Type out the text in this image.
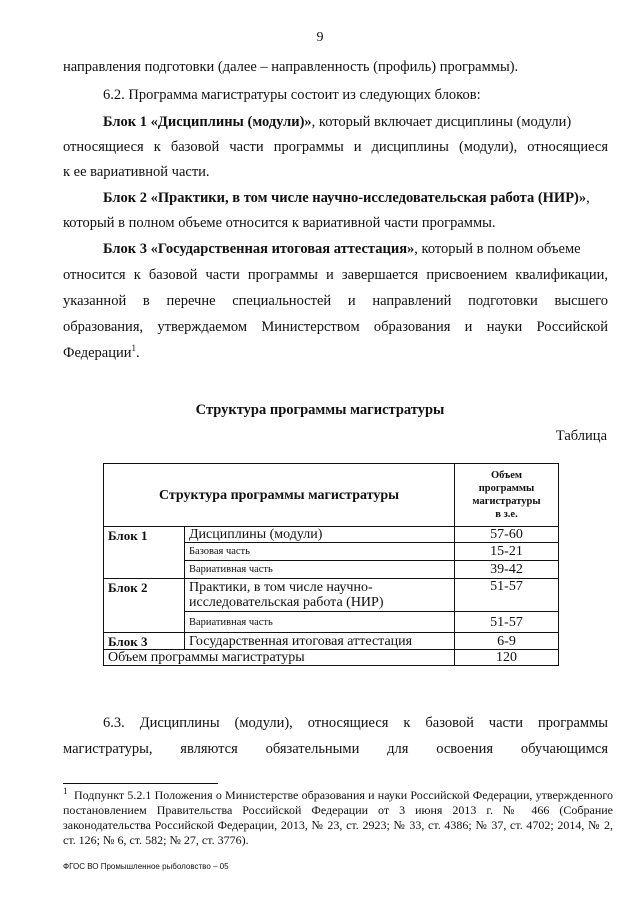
9
направления подготовки (далее – направленность (профиль) программы).
6.2. Программа магистратуры состоит из следующих блоков:
Блок 1 «Дисциплины (модули)», который включает дисциплины (модули)
относящиеся к базовой части программы и дисциплины (модули), относящиеся
к ее вариативной части.
Блок 2 «Практики, в том числе научно-исследовательская работа (НИР)»,
который в полном объеме относится к вариативной части программы.
Блок 3 «Государственная итоговая аттестация», который в полном объеме
относится к базовой части программы и завершается присвоением квалификации,
указанной в перечне специальностей и направлений подготовки высшего
образования, утверждаемом Министерством образования и науки Российской
Федерации$^1$.
Структура программы магистратуры
Таблица
Структура программы магистратуры		Объем
программы
магистратуры
в з.е.

Блок 1	Дисциплины (модули)	57-60
	Базовая часть	15-21
	Вариативная часть	39-42
Блок 2	Практики, в том числе научно-исследовательская работа (НИР)	51-57
	Вариативная часть	51-57
Блок 3	Государственная итоговая аттестация	6-9
Объем программы магистратуры		120
6.3. Дисциплины (модули), относящиеся к базовой части программы
магистратуры, являются обязательными для освоения обучающимся
$^1$ Подпункт 5.2.1 Положения о Министерстве образования и науки Российской Федерации, утвержденного постановлением Правительства Российской Федерации от 3 июня 2013 г. № 466 (Собрание законодательства Российской Федерации, 2013, № 23, ст. 2923; № 33, ст. 4386; № 37, ст. 4702; 2014, № 2, ст. 126; № 6, ст. 582; № 27, ст. 3776).
ФГОС ВО Промышленное рыболовство – 05
